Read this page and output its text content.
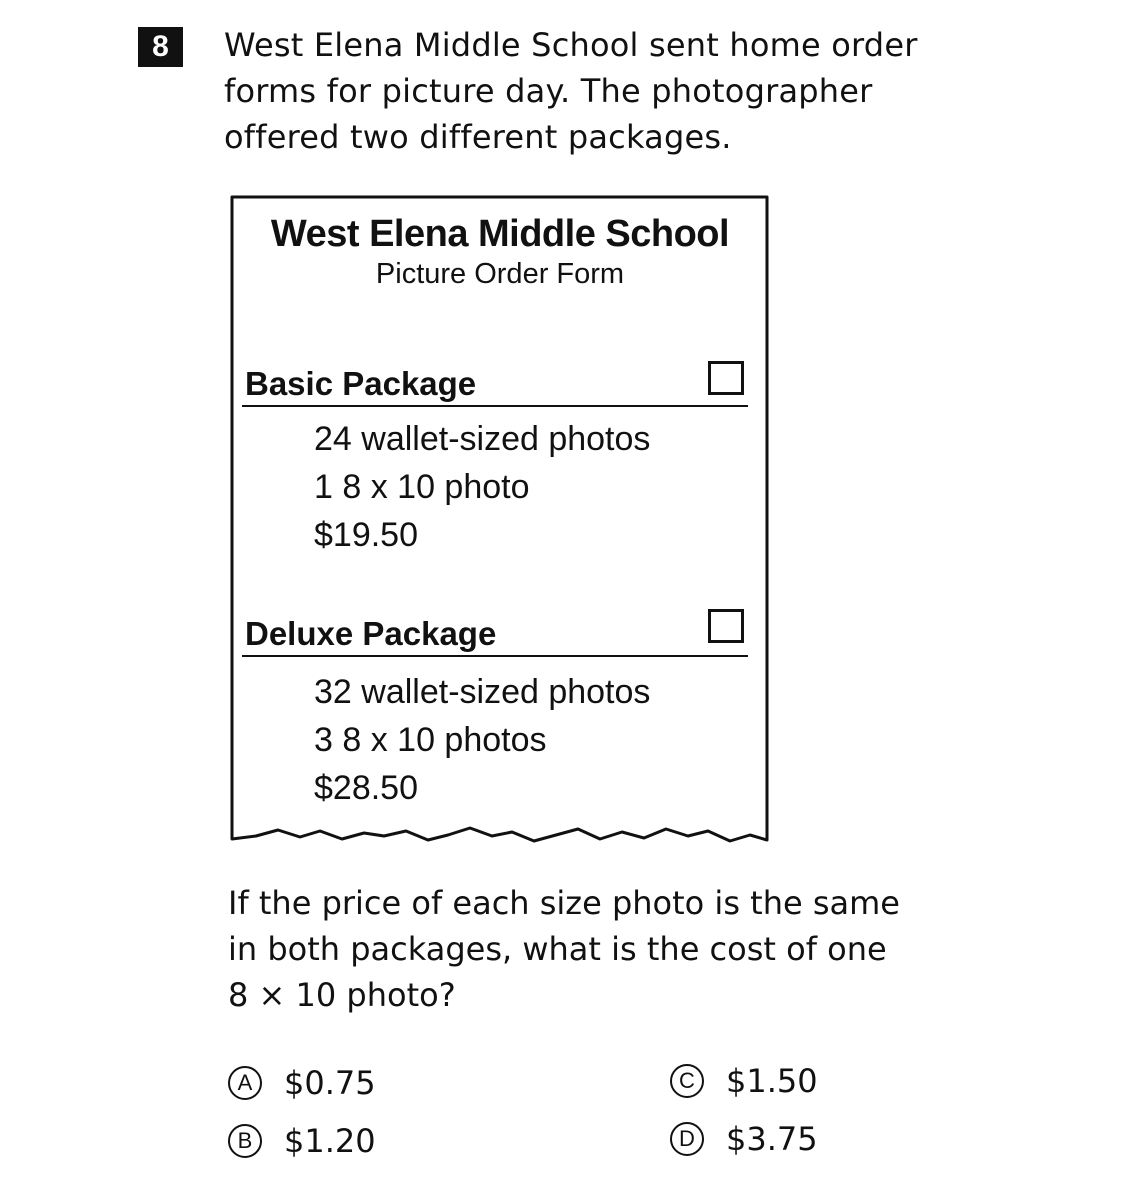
8	West Elena Middle School sent home order
forms for picture day. The photographer
offered two different packages.
West Elena Middle School
Picture Order Form
Basic Package
24 wallet-sized photos
1 8 x 10 photo
$19.50
Deluxe Package
32 wallet-sized photos
3 8 x 10 photos
$28.50
If the price of each size photo is the same
in both packages, what is the cost of one
8 × 10 photo?
A $0.75
B $1.20
C $1.50
D $3.75
